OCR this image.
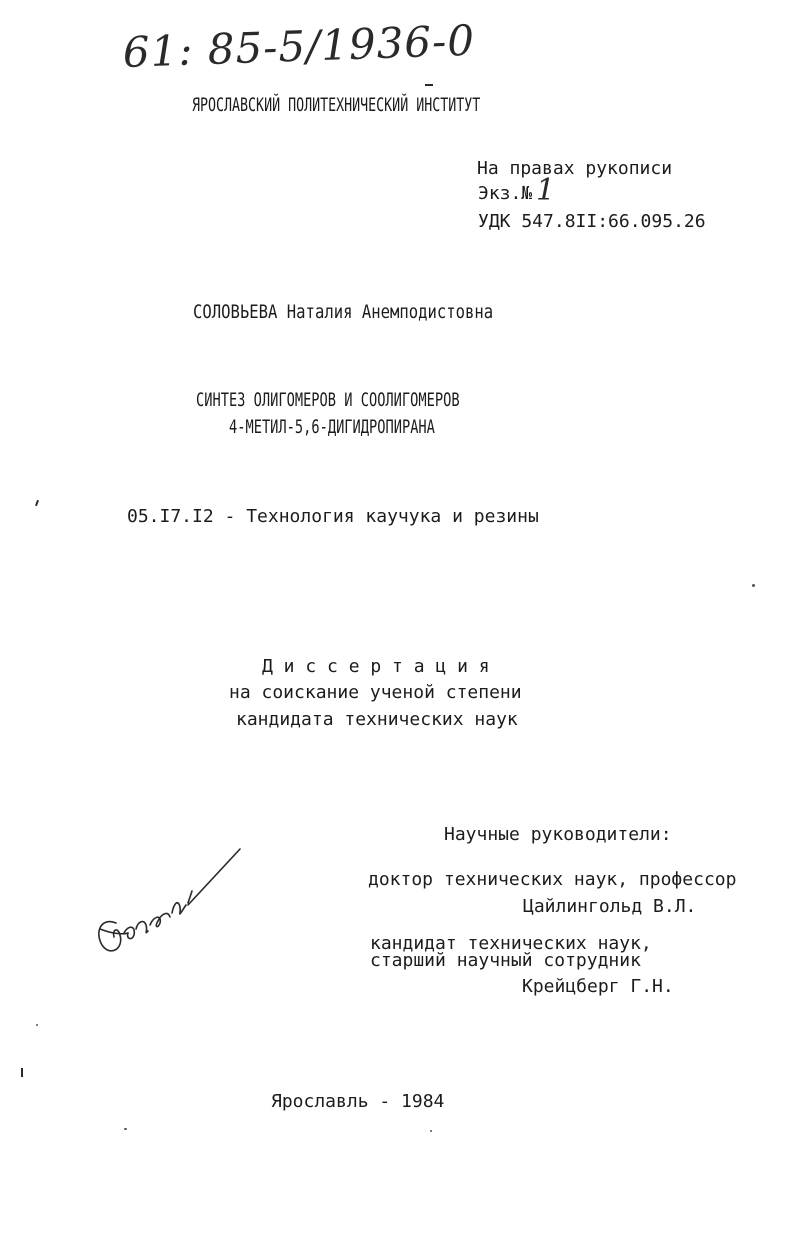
61: 85-5/1936-0
ЯРОСЛАВСКИЙ ПОЛИТЕХНИЧЕСКИЙ ИНСТИТУТ
На правах рукописи
Экз.№ 1
УДК 547.8II:66.095.26
СОЛОВЬЕВА Наталия Анемподистовна
СИНТЕЗ ОЛИГОМЕРОВ И СООЛИГОМЕРОВ
4-МЕТИЛ-5,6-ДИГИДРОПИРАНА
05.I7.I2 - Технология каучука и резины
Д и с с е р т а ц и я
на соискание ученой степени
кандидата технических наук
Научные руководители:
доктор технических наук, профессор
Цайлингольд В.Л.
кандидат технических наук,
старший научный сотрудник
Крейцберг Г.Н.
Ярославль - 1984
